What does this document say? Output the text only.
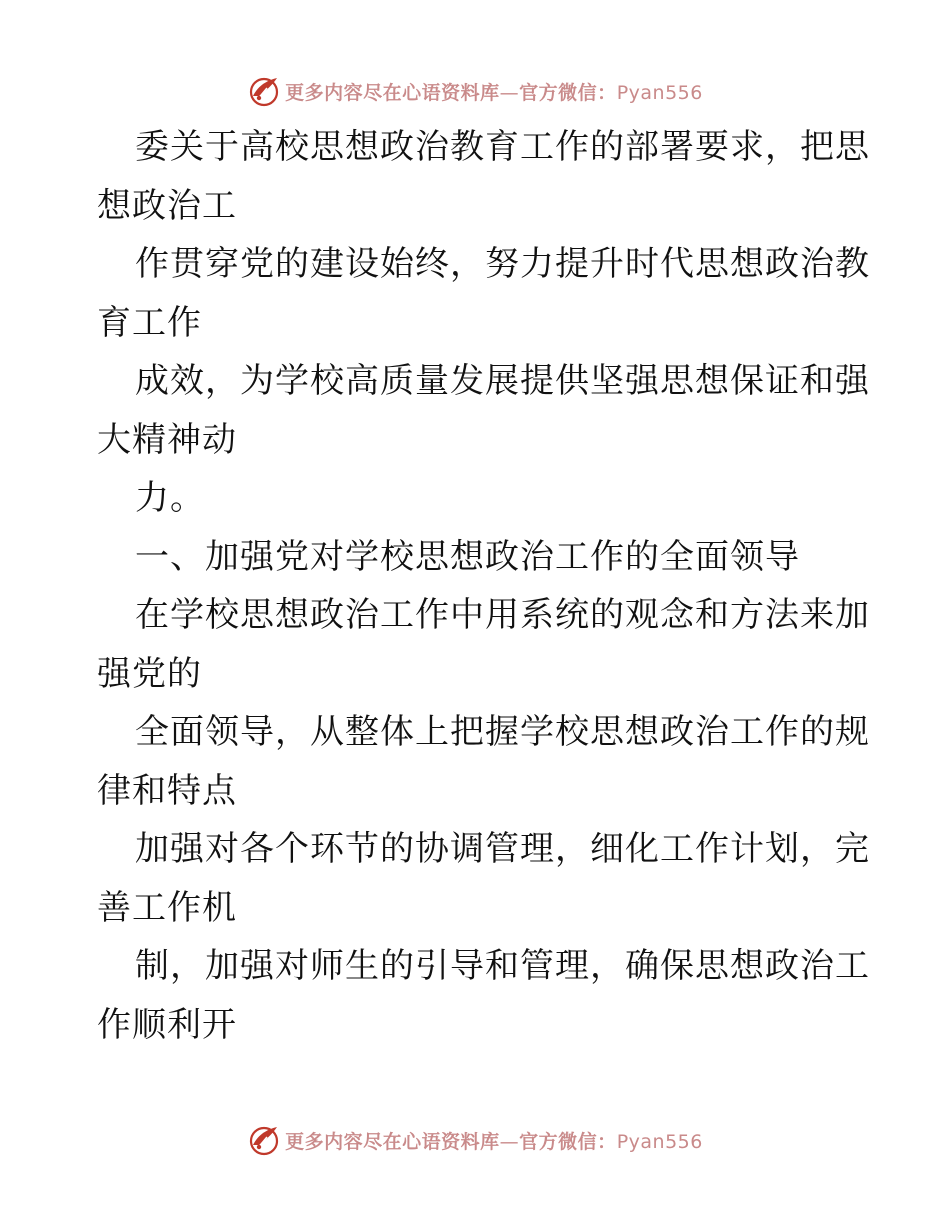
更多内容尽在心语资料库—官方微信：Pyan556
委关于高校思想政治教育工作的部署要求，把思
想政治工
作贯穿党的建设始终，努力提升时代思想政治教
育工作
成效，为学校高质量发展提供坚强思想保证和强
大精神动
力。
一、加强党对学校思想政治工作的全面领导
在学校思想政治工作中用系统的观念和方法来加
强党的
全面领导，从整体上把握学校思想政治工作的规
律和特点
加强对各个环节的协调管理，细化工作计划，完
善工作机
制，加强对师生的引导和管理，确保思想政治工
作顺利开
更多内容尽在心语资料库—官方微信：Pyan556
